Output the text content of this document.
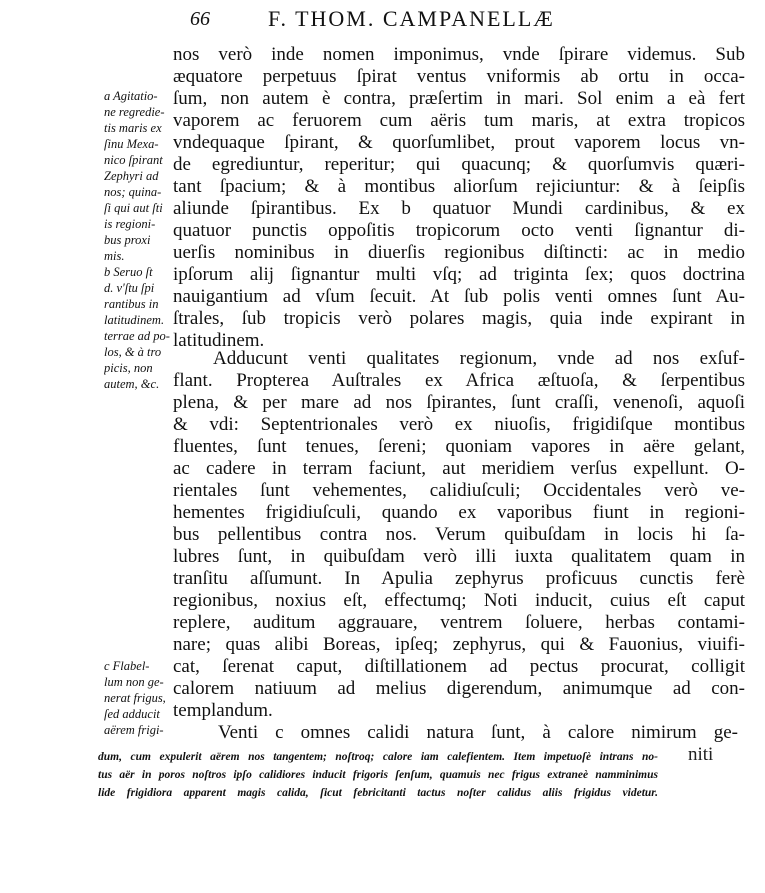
66	F. THOM. CAMPANELLÆ
nos verò inde nomen imponimus, vnde ſpirare videmus. Sub
æquatore perpetuus ſpirat ventus vniformis ab ortu in occa-
ſum, non autem è contra, præſertim in mari. Sol enim a eà fert
vaporem ac feruorem cum aëris tum maris, at extra tropicos
vndequaque ſpirant, & quorſumlibet, prout vaporem locus vn-
de egrediuntur, reperitur; qui quacunq; & quorſumvis quæri-
tant ſpacium; & à montibus aliorſum rejiciuntur: & à ſeipſis
aliunde ſpirantibus. Ex b quatuor Mundi cardinibus, & ex
quatuor punctis oppoſitis tropicorum octo venti ſignantur di-
uerſis nominibus in diuerſis regionibus diſtincti: ac in medio
ipſorum alij ſignantur multi vſq; ad triginta ſex; quos doctrina
nauigantium ad vſum ſecuit. At ſub polis venti omnes ſunt Au-
ſtrales, ſub tropicis verò polares magis, quia inde expirant in
latitudinem.
Adducunt venti qualitates regionum, vnde ad nos exſuf-
flant. Propterea Auſtrales ex Africa æſtuoſa, & ſerpentibus
plena, & per mare ad nos ſpirantes, ſunt craſſi, venenoſi, aquoſi
& vdi: Septentrionales verò ex niuoſis, frigidiſque montibus
fluentes, ſunt tenues, ſereni; quoniam vapores in aëre gelant,
ac cadere in terram faciunt, aut meridiem verſus expellunt. O-
rientales ſunt vehementes, calidiuſculi; Occidentales verò ve-
hementes frigidiuſculi, quando ex vaporibus fiunt in regioni-
bus pellentibus contra nos. Verum quibuſdam in locis hi ſa-
lubres ſunt, in quibuſdam verò illi iuxta qualitatem quam in
tranſitu aſſumunt. In Apulia zephyrus proficuus cunctis ferè
regionibus, noxius eſt, effectumq; Noti inducit, cuius eſt caput
replere, auditum aggrauare, ventrem ſoluere, herbas contami-
nare; quas alibi Boreas, ipſeq; zephyrus, qui & Fauonius, viuifi-
cat, ſerenat caput, diſtillationem ad pectus procurat, colligit
calorem natiuum ad melius digerendum, animumque ad con-
templandum.
Venti c omnes calidi natura ſunt, à calore nimirum ge-
niti
a Agitatio-
ne regredie-
tis maris ex
ſinu Mexa-
nico ſpirant
Zephyri ad
nos; quina-
ſi qui aut ſti
is regioni-
bus proxi
mis.
b Seruo ſt
d. v'ſtu ſpi
rantibus in
latitudinem.
terrae ad po-
los, & à tro
picis, non
autem, &c.
c Flabel-
lum non ge-
nerat frigus,
ſed adducit
aërem frigi-
dum, cum expulerit aërem nos tangentem; noſtroq; calore iam calefientem. Item impetuoſè intrans no-
tus aër in poros noſtros ipſo calidiores inducit frigoris ſenſum, quamuis nec frigus extraneè namminimus
lide frigidiora apparent magis calida, ſicut febricitanti tactus noſter calidus aliis frigidus videtur.
